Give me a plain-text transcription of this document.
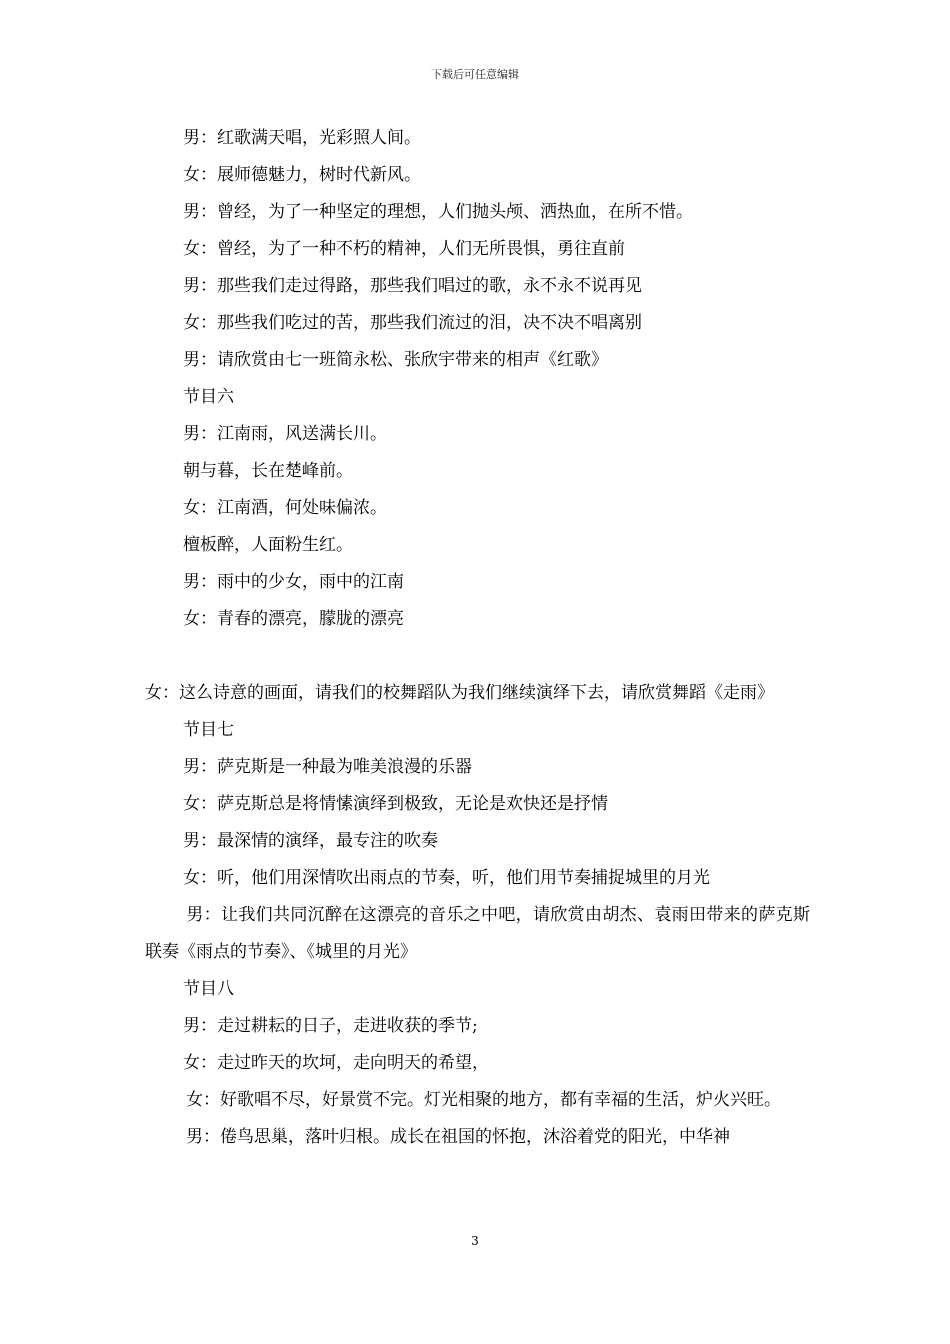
下载后可任意编辑
男：红歌满天唱，光彩照人间。
女：展师德魅力，树时代新风。
男：曾经，为了一种坚定的理想，人们抛头颅、洒热血，在所不惜。
女：曾经，为了一种不朽的精神，人们无所畏惧，勇往直前
男：那些我们走过得路，那些我们唱过的歌，永不永不说再见
女：那些我们吃过的苦，那些我们流过的泪，决不决不唱离别
男：请欣赏由七一班简永松、张欣宇带来的相声《红歌》
节目六
男：江南雨，风送满长川。
朝与暮，长在楚峰前。
女：江南酒，何处味偏浓。
檀板醉，人面粉生红。
男：雨中的少女，雨中的江南
女：青春的漂亮，朦胧的漂亮
女：这么诗意的画面，请我们的校舞蹈队为我们继续演绎下去，请欣赏舞蹈《走雨》
节目七
男：萨克斯是一种最为唯美浪漫的乐器
女：萨克斯总是将情愫演绎到极致，无论是欢快还是抒情
男：最深情的演绎，最专注的吹奏
女：听，他们用深情吹出雨点的节奏，听，他们用节奏捕捉城里的月光
男：让我们共同沉醉在这漂亮的音乐之中吧，请欣赏由胡杰、袁雨田带来的萨克斯联奏《雨点的节奏》、《城里的月光》
节目八
男：走过耕耘的日子，走进收获的季节;
女：走过昨天的坎坷，走向明天的希望，
女：好歌唱不尽，好景赏不完。灯光相聚的地方，都有幸福的生活，炉火兴旺。
男：倦鸟思巢，落叶归根。成长在祖国的怀抱，沐浴着党的阳光，中华神
3
